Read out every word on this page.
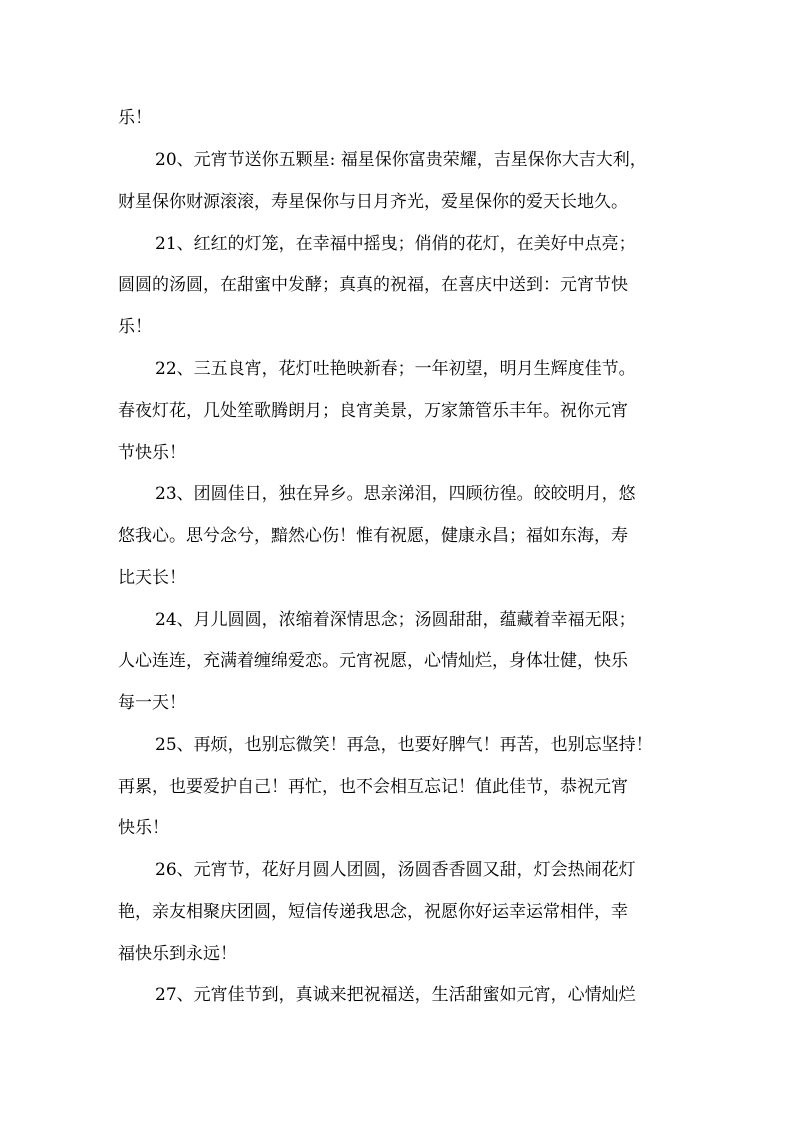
乐！
20、元宵节送你五颗星: 福星保你富贵荣耀，吉星保你大吉大利，
财星保你财源滚滚，寿星保你与日月齐光，爱星保你的爱天长地久。
21、红红的灯笼，在幸福中摇曳；俏俏的花灯，在美好中点亮；
圆圆的汤圆，在甜蜜中发酵；真真的祝福，在喜庆中送到：元宵节快
乐！
22、三五良宵，花灯吐艳映新春；一年初望，明月生辉度佳节。
春夜灯花，几处笙歌腾朗月；良宵美景，万家箫管乐丰年。祝你元宵
节快乐！
23、团圆佳日，独在异乡。思亲涕泪，四顾彷徨。皎皎明月，悠
悠我心。思兮念兮，黯然心伤！惟有祝愿，健康永昌；福如东海，寿
比天长！
24、月儿圆圆，浓缩着深情思念；汤圆甜甜，蕴藏着幸福无限；
人心连连，充满着缠绵爱恋。元宵祝愿，心情灿烂，身体壮健，快乐
每一天！
25、再烦，也别忘微笑！再急，也要好脾气！再苦，也别忘坚持！
再累，也要爱护自己！再忙，也不会相互忘记！值此佳节，恭祝元宵
快乐！
26、元宵节，花好月圆人团圆，汤圆香香圆又甜，灯会热闹花灯
艳，亲友相聚庆团圆，短信传递我思念，祝愿你好运幸运常相伴，幸
福快乐到永远！
27、元宵佳节到，真诚来把祝福送，生活甜蜜如元宵，心情灿烂
